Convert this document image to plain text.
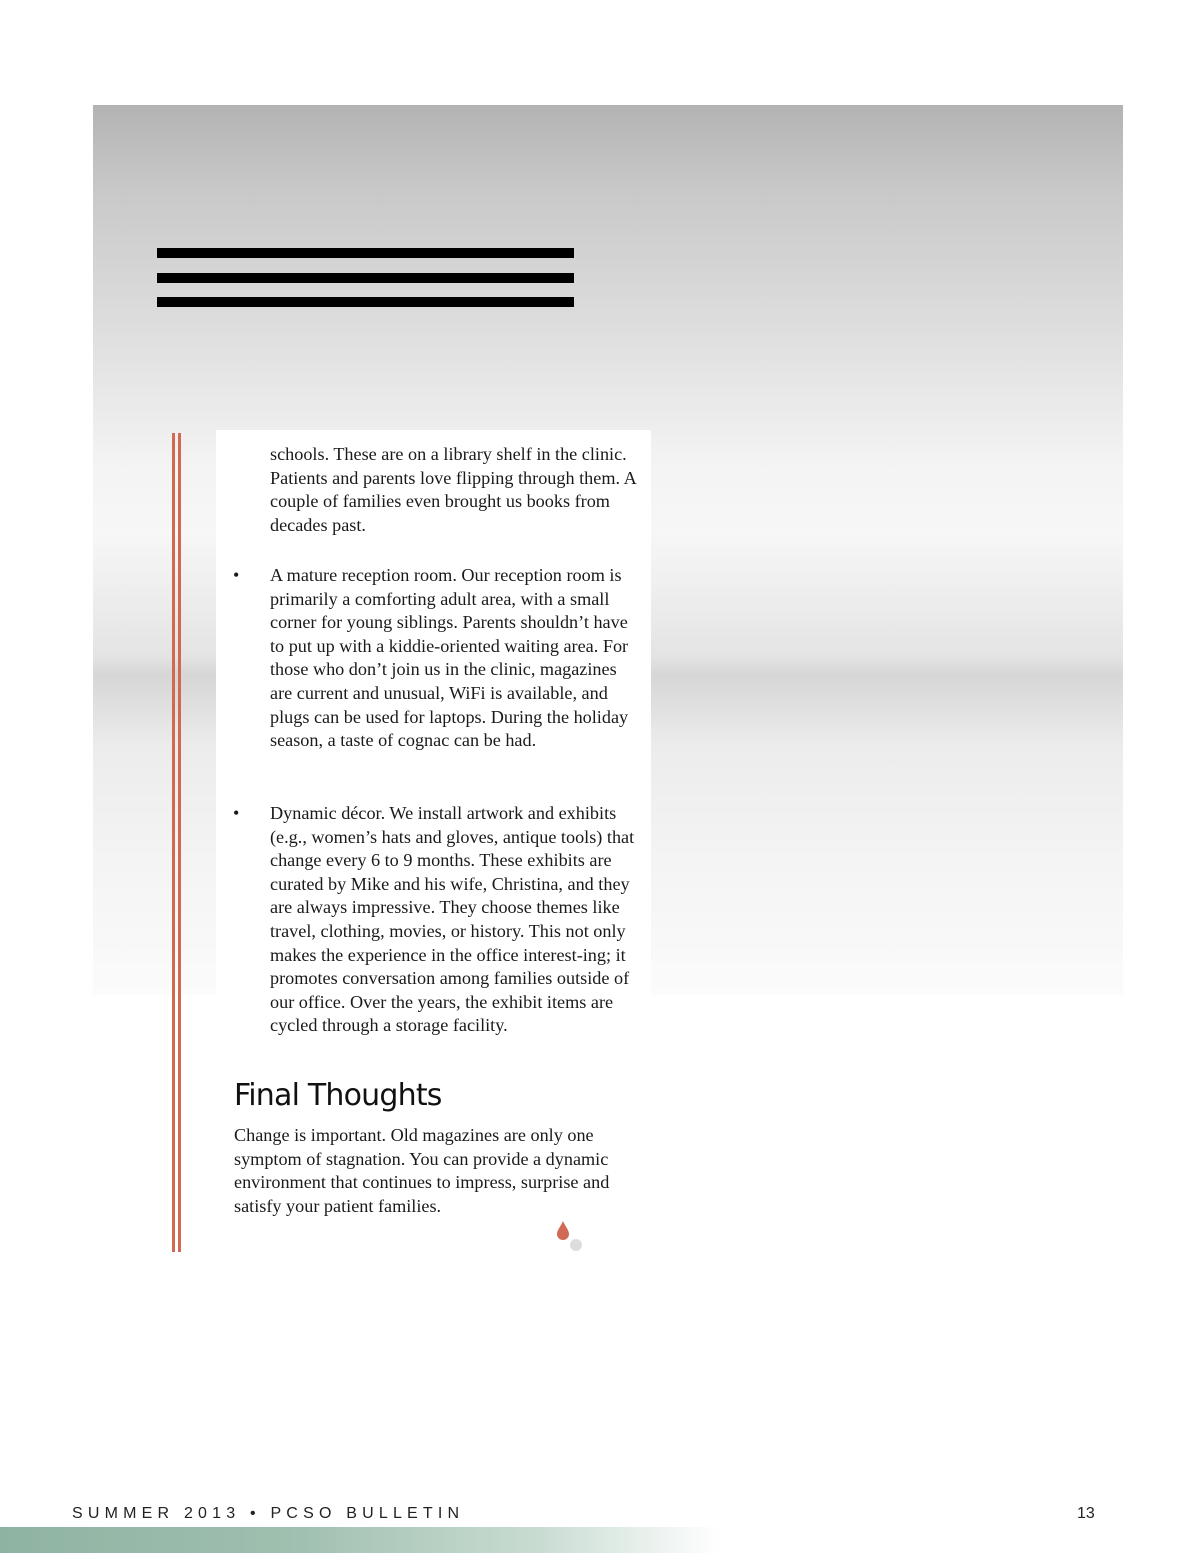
schools. These are on a library shelf in the clinic. Patients and parents love flipping through them. A couple of families even brought us books from decades past.
• A mature reception room. Our reception room is primarily a comforting adult area, with a small corner for young siblings. Parents shouldn’t have to put up with a kiddie-oriented waiting area. For those who don’t join us in the clinic, magazines are current and unusual, WiFi is available, and plugs can be used for laptops. During the holiday season, a taste of cognac can be had.
• Dynamic décor. We install artwork and exhibits (e.g., women’s hats and gloves, antique tools) that change every 6 to 9 months. These exhibits are curated by Mike and his wife, Christina, and they are always impressive. They choose themes like travel, clothing, movies, or history. This not only makes the experience in the office interest-ing; it promotes conversation among families outside of our office. Over the years, the exhibit items are cycled through a storage facility.
Final Thoughts
Change is important. Old magazines are only one symptom of stagnation. You can provide a dynamic environment that continues to impress, surprise and satisfy your patient families.
SUMMER 2013 • PCSO BULLETIN	13
